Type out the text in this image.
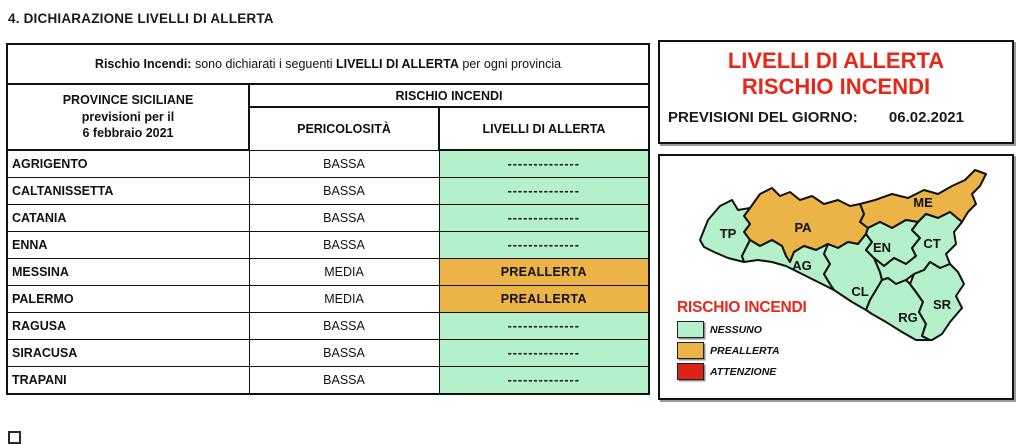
4. DICHIARAZIONE LIVELLI DI ALLERTA
Rischio Incendi: sono dichiarati i seguenti LIVELLI DI ALLERTA per ogni provincia		

PROVINCE SICILIANE
previsioni per il
6 febbraio 2021	RISCHIO INCENDI	
	PERICOLOSITÀ	LIVELLI DI ALLERTA
AGRIGENTO	BASSA	--------------
CALTANISSETTA	BASSA	--------------
CATANIA	BASSA	--------------
ENNA	BASSA	--------------
MESSINA	MEDIA	PREALLERTA
PALERMO	MEDIA	PREALLERTA
RAGUSA	BASSA	--------------
SIRACUSA	BASSA	--------------
TRAPANI	BASSA	--------------
LIVELLI DI ALLERTA
RISCHIO INCENDI
PREVISIONI DEL GIORNO: 06.02.2021
TP	PA
ME
EN CT
AG
CL
SR
RG
RISCHIO INCENDI
NESSUNO
PREALLERTA
ATTENZIONE
